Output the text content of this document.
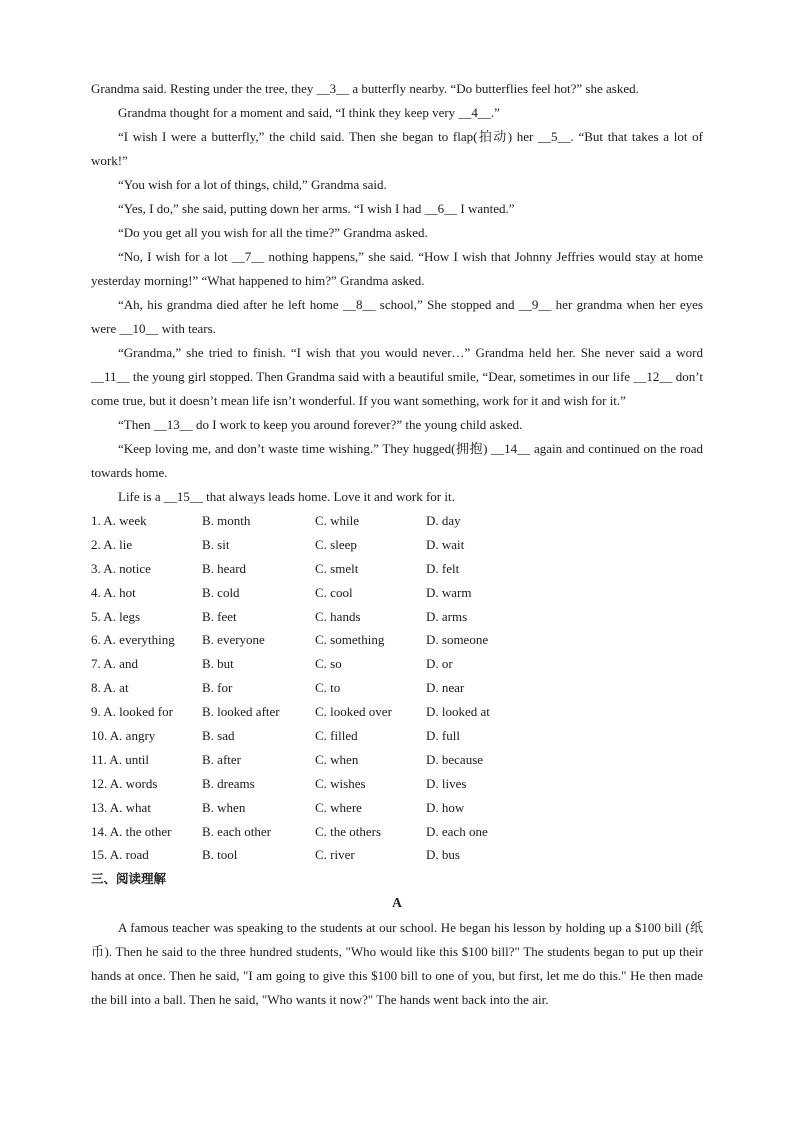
Grandma said. Resting under the tree, they __3__ a butterfly nearby. “Do butterflies feel hot?” she asked.

Grandma thought for a moment and said, “I think they keep very __4__.”

“I wish I were a butterfly,” the child said. Then she began to flap(拍动) her __5__. “But that takes a lot of work!”

“You wish for a lot of things, child,” Grandma said.

“Yes, I do,” she said, putting down her arms. “I wish I had __6__ I wanted.”

“Do you get all you wish for all the time?” Grandma asked.

“No, I wish for a lot __7__ nothing happens,” she said. “How I wish that Johnny Jeffries would stay at home yesterday morning!” “What happened to him?” Grandma asked.

“Ah, his grandma died after he left home __8__ school,” She stopped and __9__ her grandma when her eyes were __10__ with tears.

“Grandma,” she tried to finish. “I wish that you would never…” Grandma held her. She never said a word __11__ the young girl stopped. Then Grandma said with a beautiful smile, “Dear, sometimes in our life __12__ don’t come true, but it doesn’t mean life isn’t wonderful. If you want something, work for it and wish for it.”

“Then __13__ do I work to keep you around forever?” the young child asked.

“Keep loving me, and don’t waste time wishing.” They hugged(拥抱) __14__ again and continued on the road towards home.

Life is a __15__ that always leads home. Love it and work for it.

1. A. week	B. month	C. while	D. day
2. A. lie	B. sit	C. sleep	D. wait
3. A. notice	B. heard	C. smelt	D. felt
4. A. hot	B. cold	C. cool	D. warm
5. A. legs	B. feet	C. hands	D. arms
6. A. everything	B. everyone	C. something	D. someone
7. A. and	B. but	C. so	D. or
8. A. at	B. for	C. to	D. near
9. A. looked for	B. looked after	C. looked over	D. looked at
10. A. angry	B. sad	C. filled	D. full
11. A. until	B. after	C. when	D. because
12. A. words	B. dreams	C. wishes	D. lives
13. A. what	B. when	C. where	D. how
14. A. the other	B. each other	C. the others	D. each one
15. A. road	B. tool	C. river	D. bus

三、阅读理解

A

A famous teacher was speaking to the students at our school. He began his lesson by holding up a $100 bill (纸币). Then he said to the three hundred students, "Who would like this $100 bill?" The students began to put up their hands at once. Then he said, "I am going to give this $100 bill to one of you, but first, let me do this." He then made the bill into a ball. Then he said, "Who wants it now?" The hands went back into the air.
